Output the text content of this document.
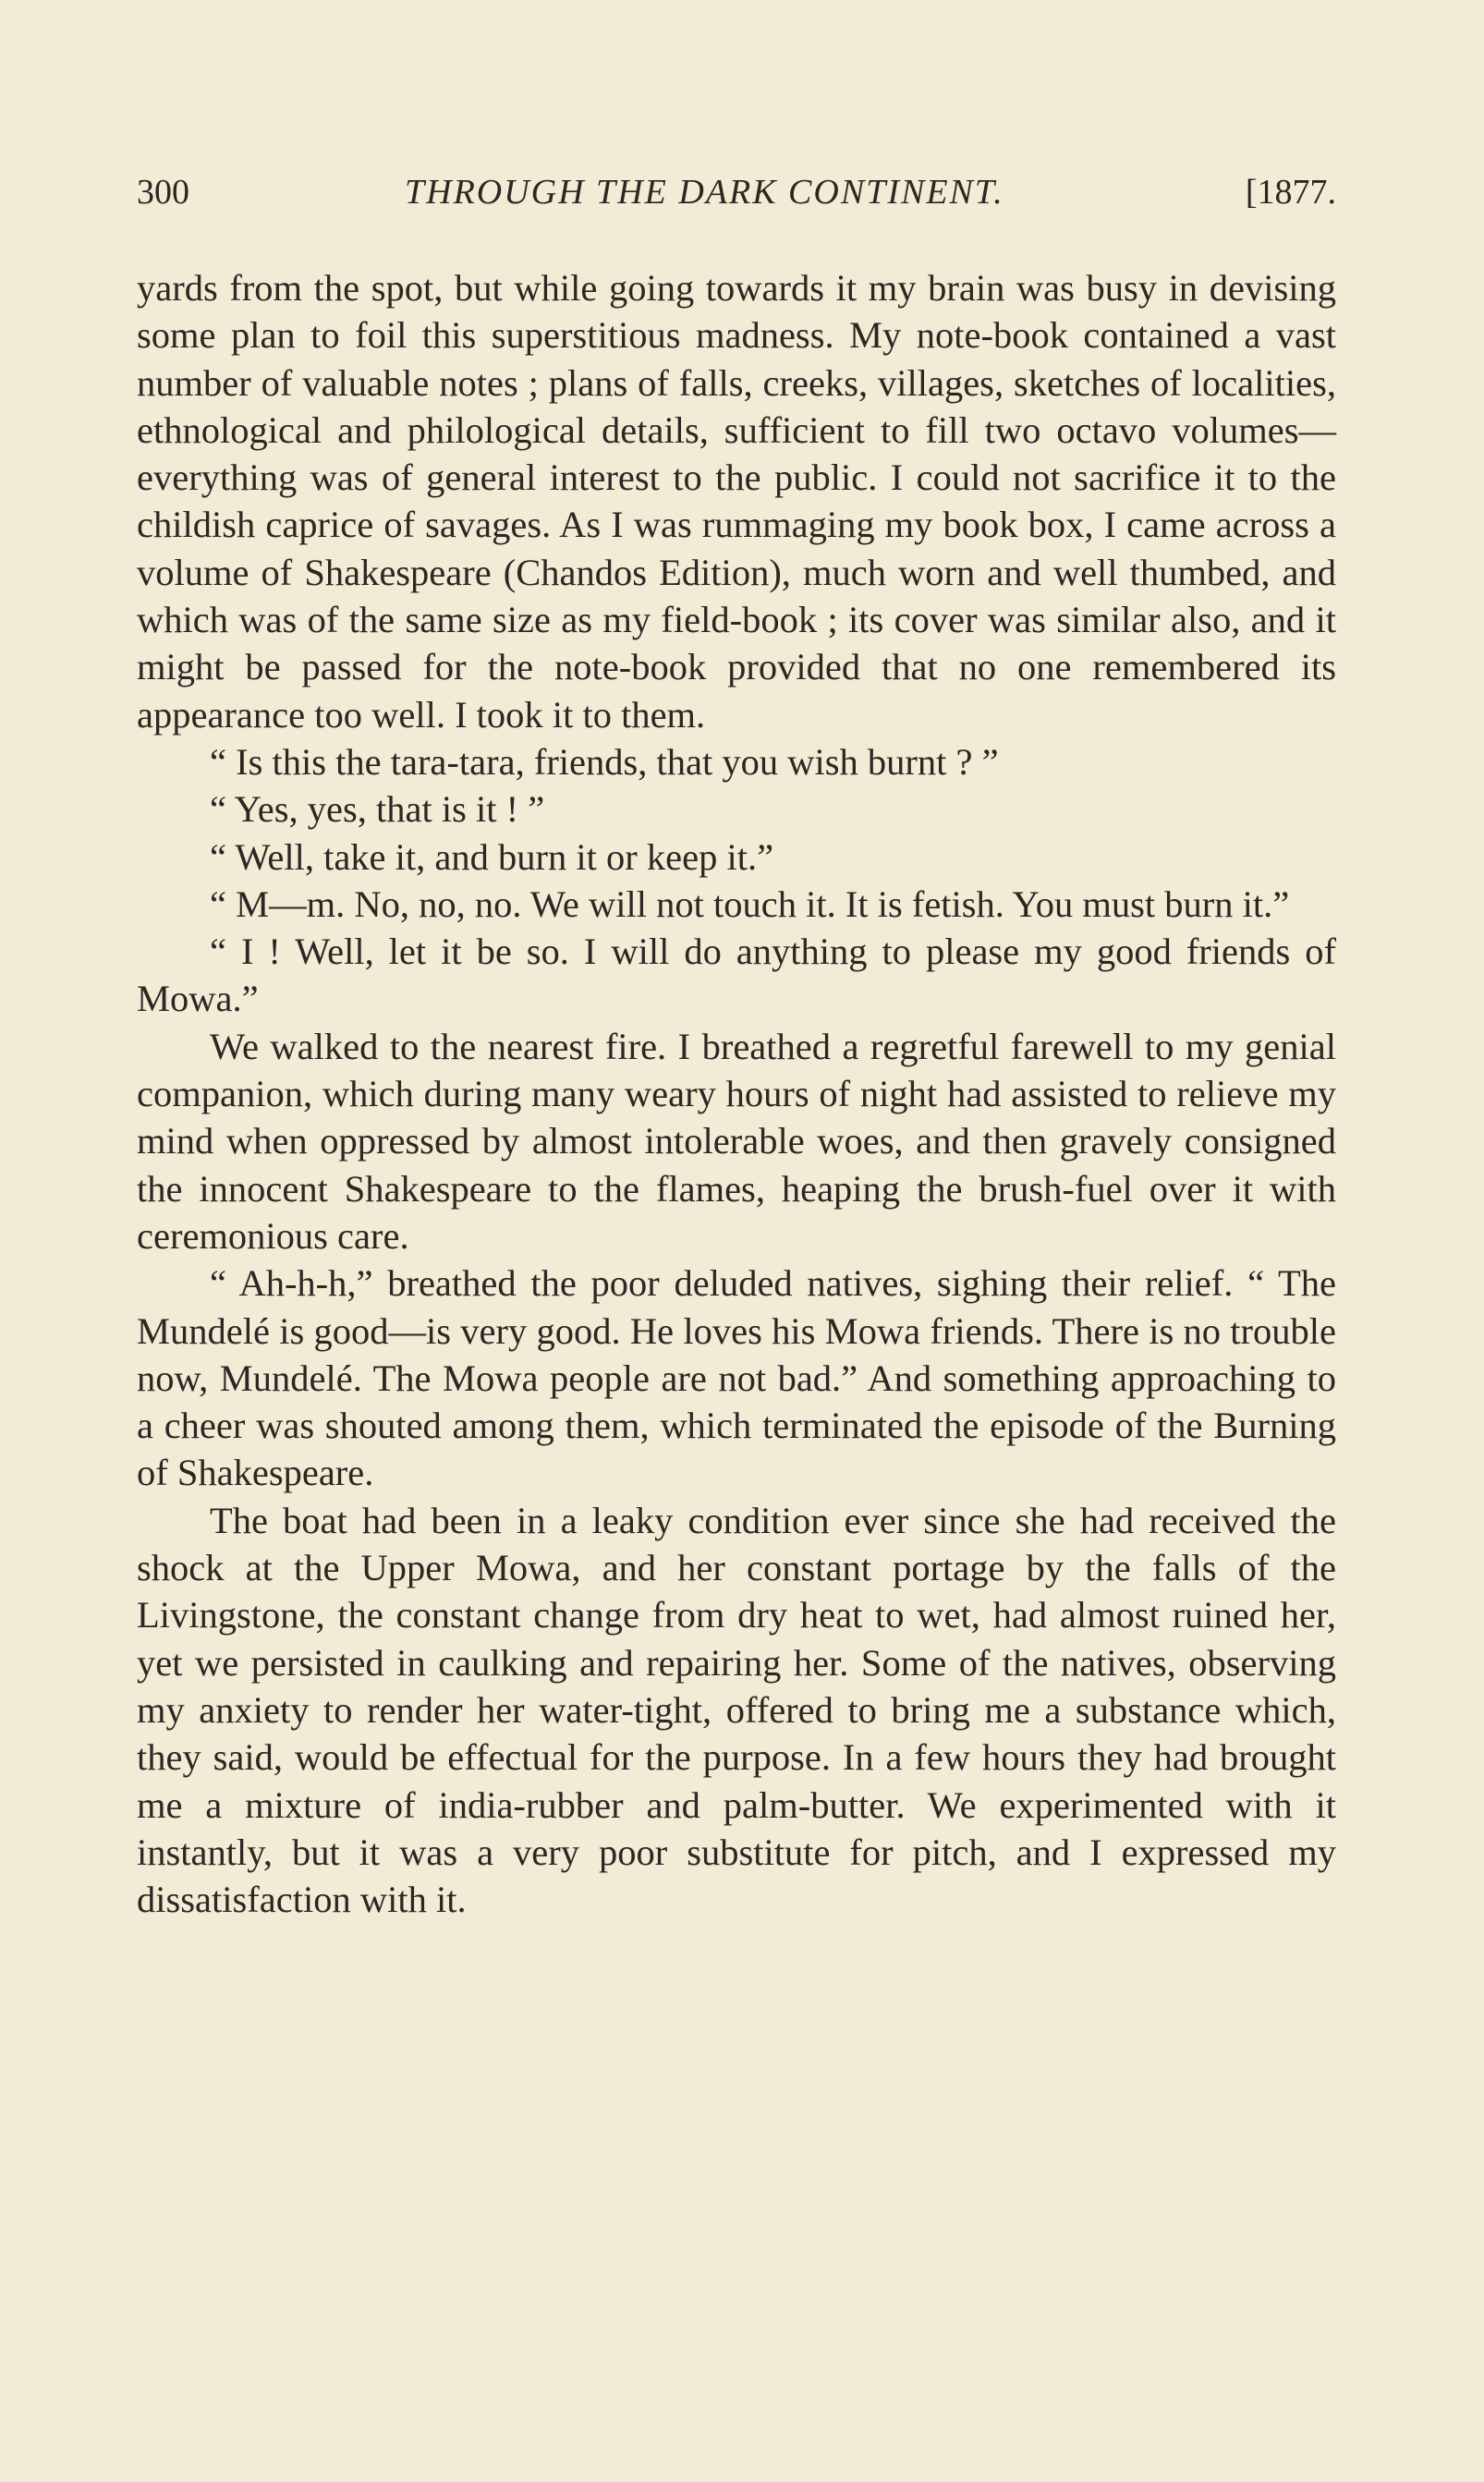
300	THROUGH THE DARK CONTINENT.	[1877.

yards from the spot, but while going towards it my brain was busy in devising some plan to foil this superstitious madness. My note-book contained a vast number of valuable notes ; plans of falls, creeks, villages, sketches of localities, ethnological and philological details, sufficient to fill two octavo volumes—everything was of general interest to the public. I could not sacrifice it to the childish caprice of savages. As I was rummaging my book box, I came across a volume of Shakespeare (Chandos Edition), much worn and well thumbed, and which was of the same size as my field-book ; its cover was similar also, and it might be passed for the note-book provided that no one remembered its appearance too well. I took it to them.

“ Is this the tara-tara, friends, that you wish burnt ? ”

“ Yes, yes, that is it ! ”

“ Well, take it, and burn it or keep it.”

“ M—m. No, no, no. We will not touch it. It is fetish. You must burn it.”

“ I ! Well, let it be so. I will do anything to please my good friends of Mowa.”

We walked to the nearest fire. I breathed a regretful farewell to my genial companion, which during many weary hours of night had assisted to relieve my mind when oppressed by almost intolerable woes, and then gravely consigned the innocent Shakespeare to the flames, heaping the brush-fuel over it with ceremonious care.

“ Ah-h-h,” breathed the poor deluded natives, sighing their relief. “ The Mundelé is good—is very good. He loves his Mowa friends. There is no trouble now, Mundelé. The Mowa people are not bad.” And something approaching to a cheer was shouted among them, which terminated the episode of the Burning of Shakespeare.

The boat had been in a leaky condition ever since she had received the shock at the Upper Mowa, and her constant portage by the falls of the Livingstone, the constant change from dry heat to wet, had almost ruined her, yet we persisted in caulking and repairing her. Some of the natives, observing my anxiety to render her water-tight, offered to bring me a substance which, they said, would be effectual for the purpose. In a few hours they had brought me a mixture of india-rubber and palm-butter. We experimented with it instantly, but it was a very poor substitute for pitch, and I expressed my dissatisfaction with it.
